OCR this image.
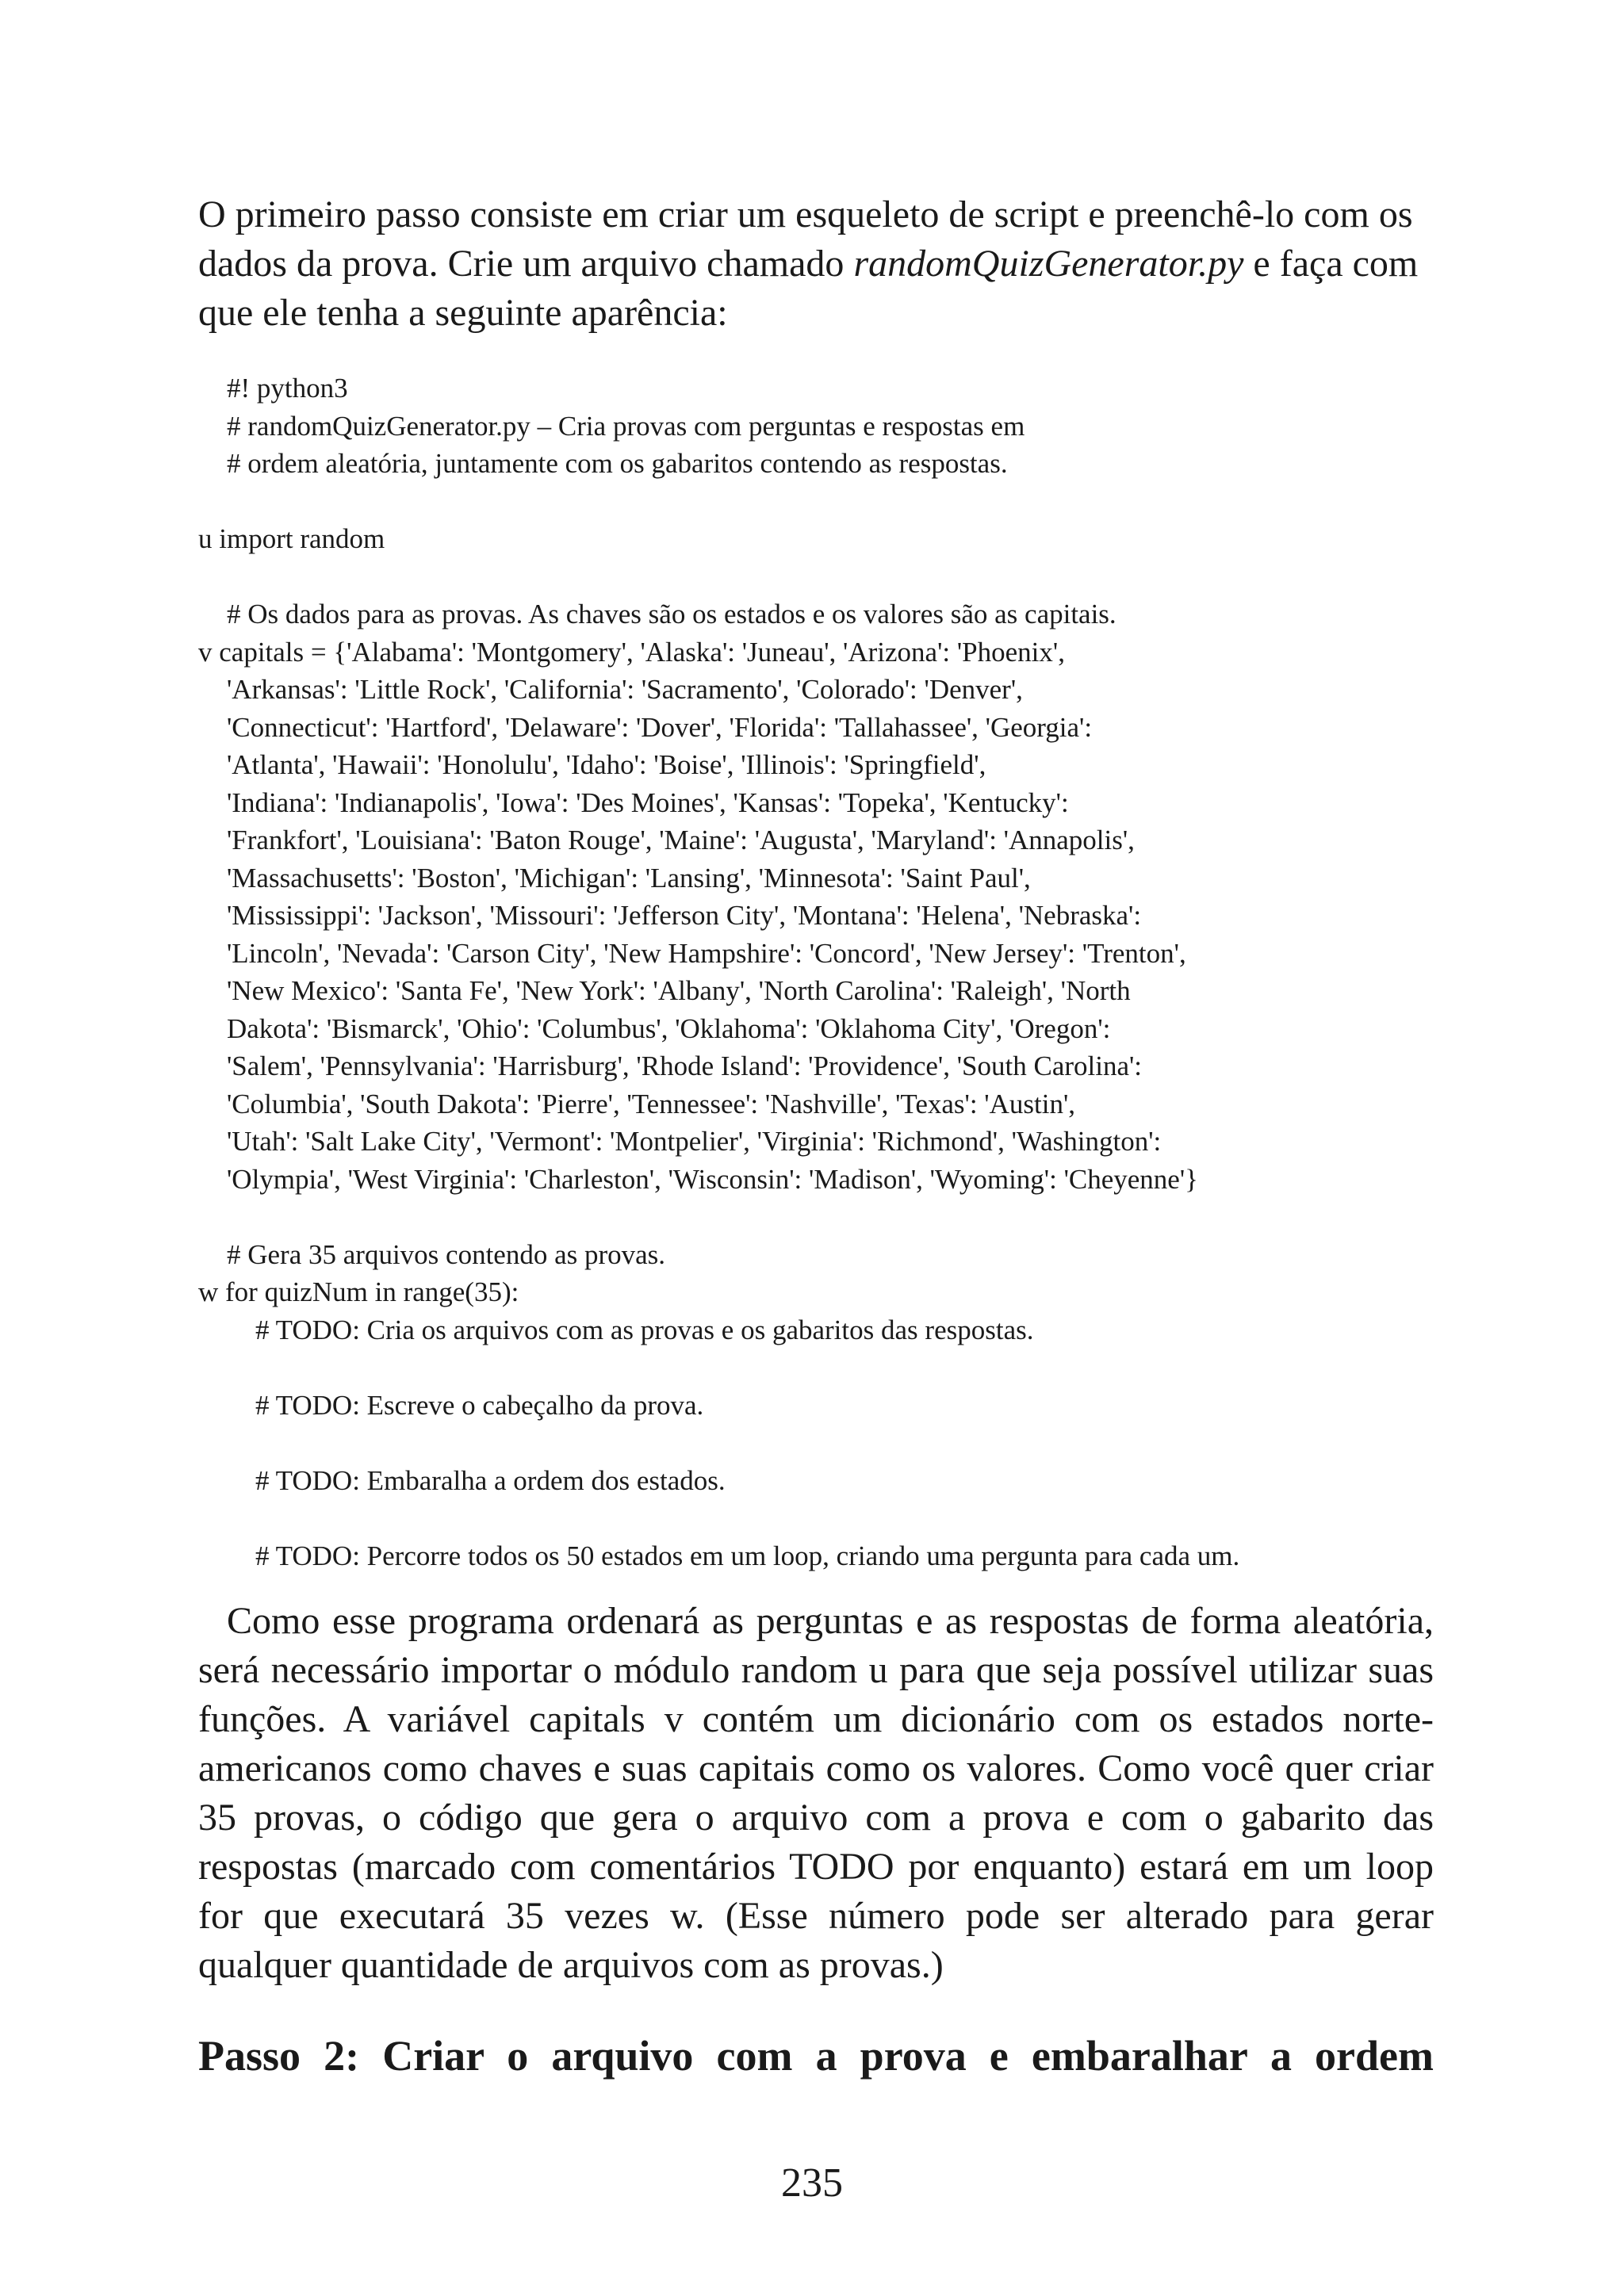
O primeiro passo consiste em criar um esqueleto de script e preenchê-lo com os dados da prova. Crie um arquivo chamado randomQuizGenerator.py e faça com que ele tenha a seguinte aparência:

#! python3
# randomQuizGenerator.py – Cria provas com perguntas e respostas em
# ordem aleatória, juntamente com os gabaritos contendo as respostas.
u import random
# Os dados para as provas. As chaves são os estados e os valores são as capitais.
v capitals = {'Alabama': 'Montgomery', 'Alaska': 'Juneau', 'Arizona': 'Phoenix',
'Arkansas': 'Little Rock', 'California': 'Sacramento', 'Colorado': 'Denver',
'Connecticut': 'Hartford', 'Delaware': 'Dover', 'Florida': 'Tallahassee', 'Georgia':
'Atlanta', 'Hawaii': 'Honolulu', 'Idaho': 'Boise', 'Illinois': 'Springfield',
'Indiana': 'Indianapolis', 'Iowa': 'Des Moines', 'Kansas': 'Topeka', 'Kentucky':
'Frankfort', 'Louisiana': 'Baton Rouge', 'Maine': 'Augusta', 'Maryland': 'Annapolis',
'Massachusetts': 'Boston', 'Michigan': 'Lansing', 'Minnesota': 'Saint Paul',
'Mississippi': 'Jackson', 'Missouri': 'Jefferson City', 'Montana': 'Helena', 'Nebraska':
'Lincoln', 'Nevada': 'Carson City', 'New Hampshire': 'Concord', 'New Jersey': 'Trenton',
'New Mexico': 'Santa Fe', 'New York': 'Albany', 'North Carolina': 'Raleigh', 'North
Dakota': 'Bismarck', 'Ohio': 'Columbus', 'Oklahoma': 'Oklahoma City', 'Oregon':
'Salem', 'Pennsylvania': 'Harrisburg', 'Rhode Island': 'Providence', 'South Carolina':
'Columbia', 'South Dakota': 'Pierre', 'Tennessee': 'Nashville', 'Texas': 'Austin',
'Utah': 'Salt Lake City', 'Vermont': 'Montpelier', 'Virginia': 'Richmond', 'Washington':
'Olympia', 'West Virginia': 'Charleston', 'Wisconsin': 'Madison', 'Wyoming': 'Cheyenne'}
# Gera 35 arquivos contendo as provas.
w for quizNum in range(35):
# TODO: Cria os arquivos com as provas e os gabaritos das respostas.
# TODO: Escreve o cabeçalho da prova.
# TODO: Embaralha a ordem dos estados.
# TODO: Percorre todos os 50 estados em um loop, criando uma pergunta para cada um.

Como esse programa ordenará as perguntas e as respostas de forma aleatória, será necessário importar o módulo random u para que seja possível utilizar suas funções. A variável capitals v contém um dicionário com os estados norte-americanos como chaves e suas capitais como os valores. Como você quer criar 35 provas, o código que gera o arquivo com a prova e com o gabarito das respostas (marcado com comentários TODO por enquanto) estará em um loop for que executará 35 vezes w. (Esse número pode ser alterado para gerar qualquer quantidade de arquivos com as provas.)

Passo 2: Criar o arquivo com a prova e embaralhar a ordem
235
